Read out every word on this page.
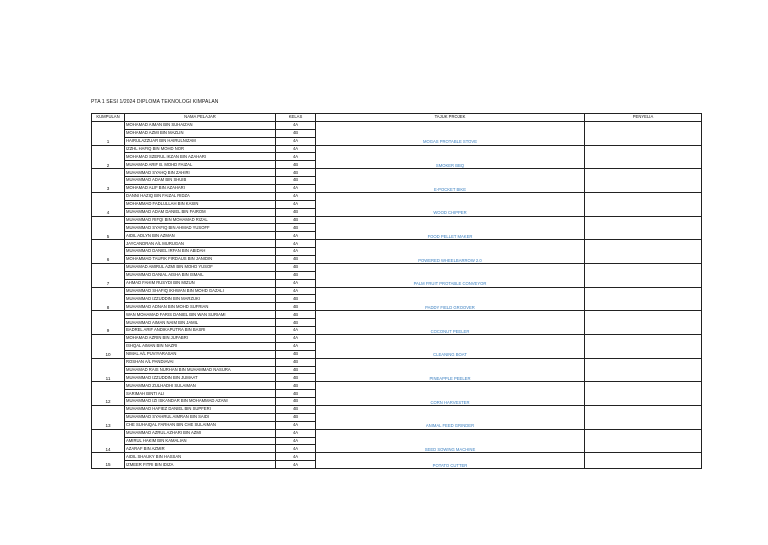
PTA 1 SESI 1/2024 DIPLOMA TEKNOLOGI KIMPALAN
KUMPULAN	NAMA PELAJAR	KELAS	TAJUK PROJEK	PENYELIA
1	MOHAMAD AIMAN BIN SUHAIZAN	4A	MOGAS PROTABLE STOVE	
	MOHAMAD AZMI BIN MAZLIN	4B		
	HAIRULAZZUAR BIN HAIRULNIZAM	4A		
2	IZZHL HAFIQ BIN MOHD NOR	4A	SMOKER BBQ	
	MOHAMAD SZERUL IKZAN BIN AZAHARI	4A		
	MUHAMAD ARIF B. MOHD FAIZAL	4B		
3	MUHAMMAD SYAHQ BIN ZAHIRI	4B	E-POCKET BIKE	
	MUHAMMAD ADAM BIN SHUIB	4B		
	MOHAMAD ALIF BIN AZAHARI	4A		
4	DANNI HAZIQ BIN FAIZAL RIDZA	4A	WOOD CHIPPER	
	MOHAMMAD FADLULLAH BIN KASIN	4A		
	MUHAMMAD ADAM DANIEL BIN FAIROM	4B		
5	MUHAMMAD RIFQI BIN MOHAMAD RIZAL	4B	FOOD PELLET MAKER	
	MUHAMMAD SYAFIQ BIN AHMAD YUSOFF	4B		
	AIDIL ADLYN BIN AZMAN	4A		
6	JAYCANDRAN A/L MURUGAN	4A	POWERED WHEELBARROW 2.0	
	MUHAMMAD DANIEL IRFAN BIN ABIDAH	4A		
	MOHAMMAD TAUFIK FIRDAUS BIN JANIDIN	4B		
7	MUHAMAD AMIRUL AZMI BIN MOHD YUSOF	4B	PALM FRUIT PROTABLE CONVEYOR	
	MUHAMMAD DANIAL AISHA BIN ISMAIL	4B		
	AHMAD FAHIM RUSYDI BIN MIZUN	4A		
8	MUHAMMAD SHAFIQ IKHWAN BIN MOHD GAZALI	4A	PADDY FIELD GROOVER	
	MUHAMMAD IZZUDDIN BIN MARZUKI	4B		
	MUHAMMAD ADNAN BIN MOHD SUFRIAN	4B		
9	WAN MOHAMAD FARIS DANIEL BIN WAN SURIAMI	4B	COCONUT PEELER	
	MUHAMMAD AIMAN NAIM BIN JAMIL	4B		
	BADREL ARIF ANDIKAPUTRA BIN BASRI	4A		
10	MOHAMAD AZRIN BIN JUFABRI	4A	CLEANING BOAT	
	ISHQAL AIMAN BIN NAZRI	4A		
	NIMAL A/L PUVIYARASAN	4B		
11	ROSHAN A/L PANDIAVAI	4B	PINEAPPLE PEELER	
	MUHAMAD RAIS NURHAN BIN MUHAMMAD NASURA	4B		
	MUHAMMAD IZZUDDIN BIN JUMAAT	4B		
12	MUHAMMAD ZULHADHI SULAIMAN	4B	CORN HARVESTER	
	SARIMAH BINTI ALI	4B		
	MUHAMMAD IZI ISKANDAR BIN MOHAMMAD AZANI	4B		
13	MUHAMMAD HAFIEZ DANIEL BIN SUPFERI	4B	ANIMAL FEED GRINDER	
	MUHAMMAD SYAHRUL AIMRAN BIN SAIDI	4B		
	CHE SUHAIQAL FARHAN BIN CHE SULAIMAN	4A		
14	MUHAMMAD AZRUL AZHARI BIN AZMI	4A	SEED SOWING MACHINE	
	AMIRUL HAKIM BIN KAMALIAN	4A		
	AZARAF BIN AZMIR	4A		
15	AIDIL SHAUKY BIN HASSAN	4A	POTATO CUTTER	
	IZMEER FITRI BIN IDIZA	4A		
